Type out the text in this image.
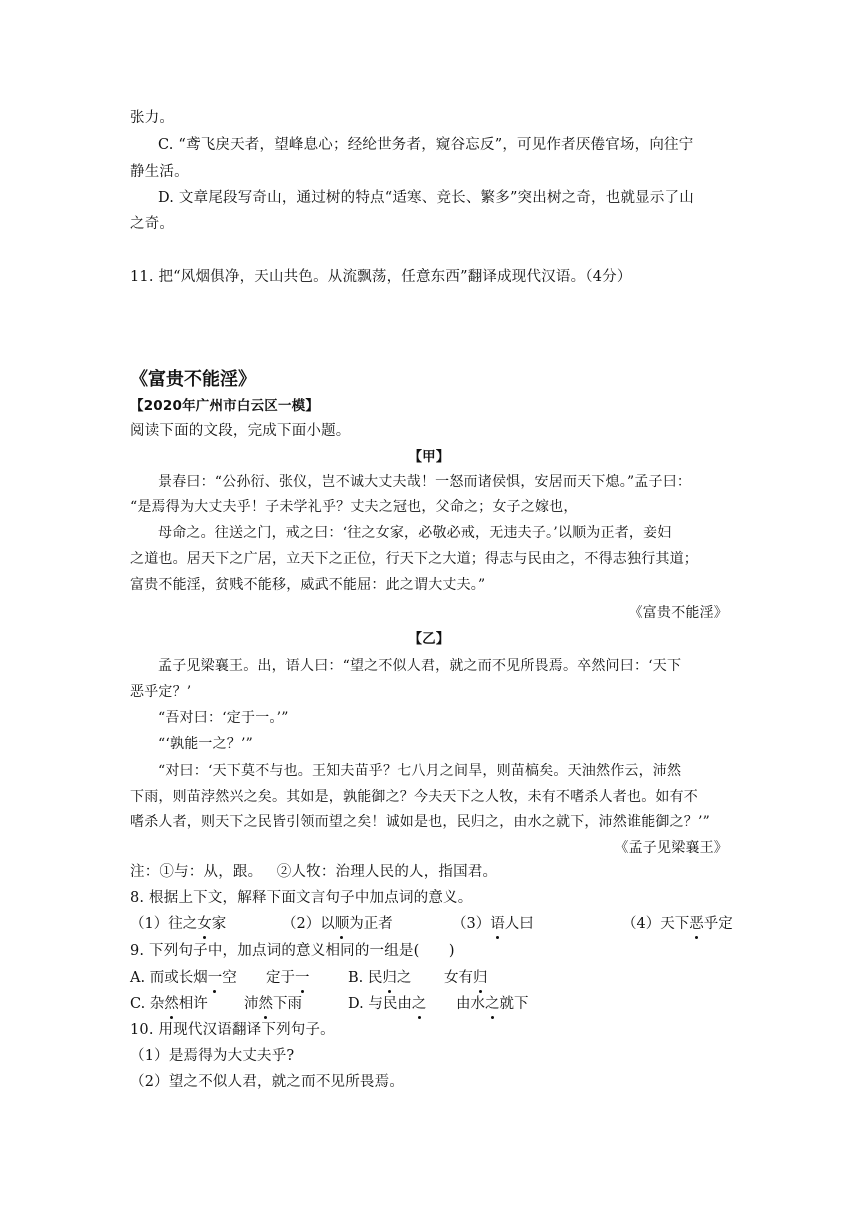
张力。
C. “鸢飞戾天者，望峰息心；经纶世务者，窥谷忘反”，可见作者厌倦官场，向往宁
静生活。
D. 文章尾段写奇山，通过树的特点“适寒、竞长、繁多”突出树之奇，也就显示了山
之奇。
11. 把“风烟俱净，天山共色。从流飘荡，任意东西”翻译成现代汉语。（4分）
《富贵不能淫》
【2020年广州市白云区一模】
阅读下面的文段，完成下面小题。
【甲】
景春曰：“公孙衍、张仪，岂不诚大丈夫哉！一怒而诸侯惧，安居而天下熄。”孟子曰：
“是焉得为大丈夫乎！子未学礼乎？丈夫之冠也，父命之；女子之嫁也，
母命之。往送之门，戒之曰：‘往之女家，必敬必戒，无违夫子。’以顺为正者，妾妇
之道也。居天下之广居，立天下之正位，行天下之大道；得志与民由之，不得志独行其道；
富贵不能淫，贫贱不能移，威武不能屈：此之谓大丈夫。”
《富贵不能淫》
【乙】
孟子见梁襄王。出，语人曰：“望之不似人君，就之而不见所畏焉。卒然问曰：‘天下
恶乎定？’
“吾对曰：‘定于一。’”
“‘孰能一之？’”
“对曰：‘天下莫不与也。王知夫苗乎？七八月之间旱，则苗槁矣。天油然作云，沛然
下雨，则苗浡然兴之矣。其如是，孰能御之？今夫天下之人牧，未有不嗜杀人者也。如有不
嗜杀人者，则天下之民皆引领而望之矣！诚如是也，民归之，由水之就下，沛然谁能御之？’”
《孟子见梁襄王》
注：①与：从，跟。   ②人牧：治理人民的人，指国君。
8. 根据上下文，解释下面文言句子中加点词的意义。
（1）往之女家	（2）以顺为正者	（3）语人曰	（4）天下恶乎定
9. 下列句子中，加点词的意义相同的一组是(　　)
A. 而或长烟一空 定于一	B. 民归之 女有归
C. 杂然相许 沛然下雨	D. 与民由之 由水之就下
10. 用现代汉语翻译下列句子。
（1）是焉得为大丈夫乎?
（2）望之不似人君，就之而不见所畏焉。
